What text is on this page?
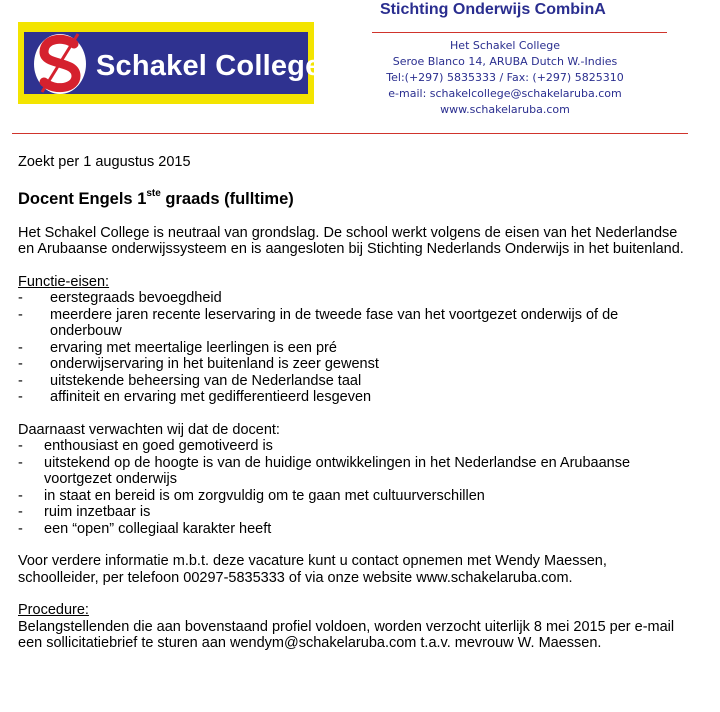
Schakel College
Stichting Onderwijs CombinA
Het Schakel College
Seroe Blanco 14, ARUBA Dutch W.-Indies
Tel:(+297) 5835333 / Fax: (+297) 5825310
e-mail: schakelcollege@schakelaruba.com
www.schakelaruba.com

Zoekt per 1 augustus 2015

Docent Engels 1ste graads (fulltime)

Het Schakel College is neutraal van grondslag. De school werkt volgens de eisen van het Nederlandse en Arubaanse onderwijssysteem en is aangesloten bij Stichting Nederlands Onderwijs in het buitenland.

Functie-eisen:

- eerstegraads bevoegdheid
- meerdere jaren recente leservaring in de tweede fase van het voortgezet onderwijs of de onderbouw
- ervaring met meertalige leerlingen is een pré
- onderwijservaring in het buitenland is zeer gewenst
- uitstekende beheersing van de Nederlandse taal
- affiniteit en ervaring met gedifferentieerd lesgeven

Daarnaast verwachten wij dat de docent:

- enthousiast en goed gemotiveerd is
- uitstekend op de hoogte is van de huidige ontwikkelingen in het Nederlandse en Arubaanse voortgezet onderwijs
- in staat en bereid is om zorgvuldig om te gaan met cultuurverschillen
- ruim inzetbaar is
- een “open” collegiaal karakter heeft

Voor verdere informatie m.b.t. deze vacature kunt u contact opnemen met Wendy Maessen, schoolleider, per telefoon 00297-5835333 of via onze website www.schakelaruba.com.

Procedure:

Belangstellenden die aan bovenstaand profiel voldoen, worden verzocht uiterlijk 8 mei 2015 per e-mail een sollicitatiebrief te sturen aan wendym@schakelaruba.com t.a.v. mevrouw W. Maessen.
